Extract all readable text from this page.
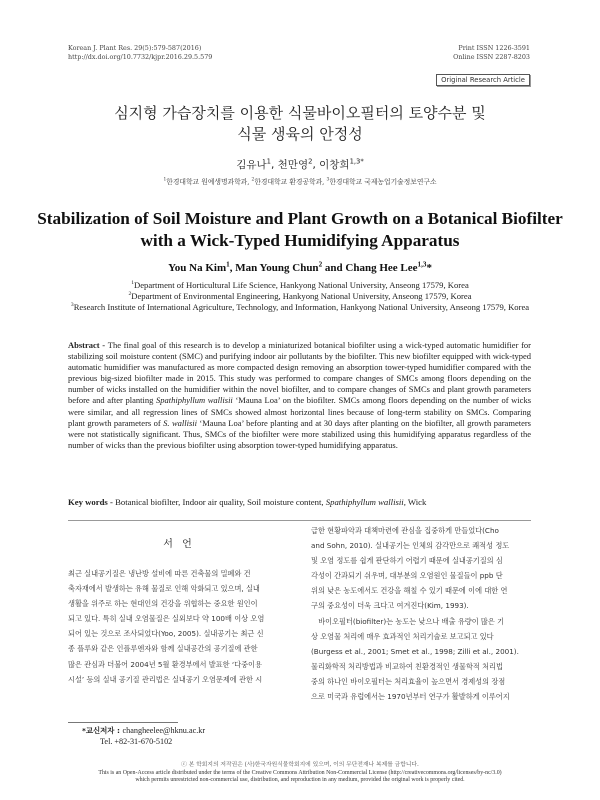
Korean J. Plant Res. 29(5):579-587(2016)
http://dx.doi.org/10.7732/kjpr.2016.29.5.579
Print ISSN 1226-3591
Online ISSN 2287-8203
Original Research Article
심지형 가습장치를 이용한 식물바이오필터의 토양수분 및
식물 생육의 안정성
김유나$^1$, 천만영$^2$, 이창희$^{1,3*}$
$^1$한경대학교 원예생명과학과, $^2$한경대학교 환경공학과, $^3$한경대학교 국제농업기술정보연구소
Stabilization of Soil Moisture and Plant Growth on a Botanical Biofilter
with a Wick-Typed Humidifying Apparatus
You Na Kim$^1$, Man Young Chun$^2$ and Chang Hee Lee$^{1,3}$*
$^1$Department of Horticultural Life Science, Hankyong National University, Anseong 17579, Korea
$^2$Department of Environmental Engineering, Hankyong National University, Anseong 17579, Korea
$^3$Research Institute of International Agriculture, Technology, and Information, Hankyong National University, Anseong 17579, Korea
Abstract - The final goal of this research is to develop a miniaturized botanical biofilter using a wick-typed automatic humidifier for stabilizing soil moisture content (SMC) and purifying indoor air pollutants by the biofilter. This new biofilter equipped with wick-typed automatic humidifier was manufactured as more compacted design removing an absorption tower-typed humidifier compared with the previous big-sized biofilter made in 2015. This study was performed to compare changes of SMCs among floors depending on the number of wicks installed on the humidifier within the novel biofilter, and to compare changes of SMCs and plant growth parameters before and after planting Spathiphyllum wallisii ‘Mauna Loa’ on the biofilter. SMCs among floors depending on the number of wicks were similar, and all regression lines of SMCs showed almost horizontal lines because of long-term stability on SMCs. Comparing plant growth parameters of S. wallisii ‘Mauna Loa’ before planting and at 30 days after planting on the biofilter, all growth parameters were not statistically significant. Thus, SMCs of the biofilter were more stabilized using this humidifying apparatus regardless of the number of wicks than the previous biofilter using absorption tower-typed humidifying apparatus.
Key words - Botanical biofilter, Indoor air quality, Soil moisture content, Spathiphyllum wallisii, Wick
서 언
최근 실내공기질은 냉난방 설비에 따른 건축물의 밀폐와 건
축자재에서 발생하는 유해 물질로 인해 악화되고 있으며, 실내
생활을 위주로 하는 현대인의 건강을 위협하는 중요한 원인이
되고 있다. 특히 실내 오염물질은 실외보다 약 100배 이상 오염
되어 있는 것으로 조사되었다(Yoo, 2005). 실내공기는 최근 신
종 플루와 같은 인플루엔자와 함께 실내공간의 공기질에 관한
많은 관심과 더불어 2004년 5월 환경부에서 발표한 ‘다중이용
시설’ 등의 실내 공기질 관리법은 실내공기 오염문제에 관한 시
급한 현황파악과 대책마련에 관심을 집중하게 만들었다(Cho
and Sohn, 2010). 실내공기는 인체의 감각만으로 쾌적성 정도
및 오염 정도를 쉽게 판단하기 어렵기 때문에 실내공기질의 심
각성이 간과되기 쉬우며, 대부분의 오염원인 물질들이 ppb 단
위의 낮은 농도에서도 건강을 해칠 수 있기 때문에 이에 대한 연
구의 중요성이 더욱 크다고 여겨진다(Kim, 1993).
　바이오필터(biofilter)는 농도는 낮으나 배출 유량이 많은 기
상 오염물 처리에 매우 효과적인 처리기술로 보고되고 있다
(Burgess et al., 2001; Smet et al., 1998; Zilli et al., 2001).
물리화학적 처리방법과 비교하여 친환경적인 생물학적 처리법
중의 하나인 바이오필터는 처리효율이 높으면서 경제성의 장점
으로 미국과 유럽에서는 1970년부터 연구가 활발하게 이루어지
*교신저자 : changheelee@hknu.ac.kr
Tel. +82-31-670-5102
ⓒ 본 학회지의 저작권은 (사)한국자원식물학회지에 있으며, 이의 무단전재나 복제를 금합니다.
This is an Open-Access article distributed under the terms of the Creative Commons Attribution Non-Commercial License (http://creativecommons.org/licenses/by-nc/3.0)
which permits unrestricted non-commercial use, distribution, and reproduction in any medium, provided the original work is properly cited.
